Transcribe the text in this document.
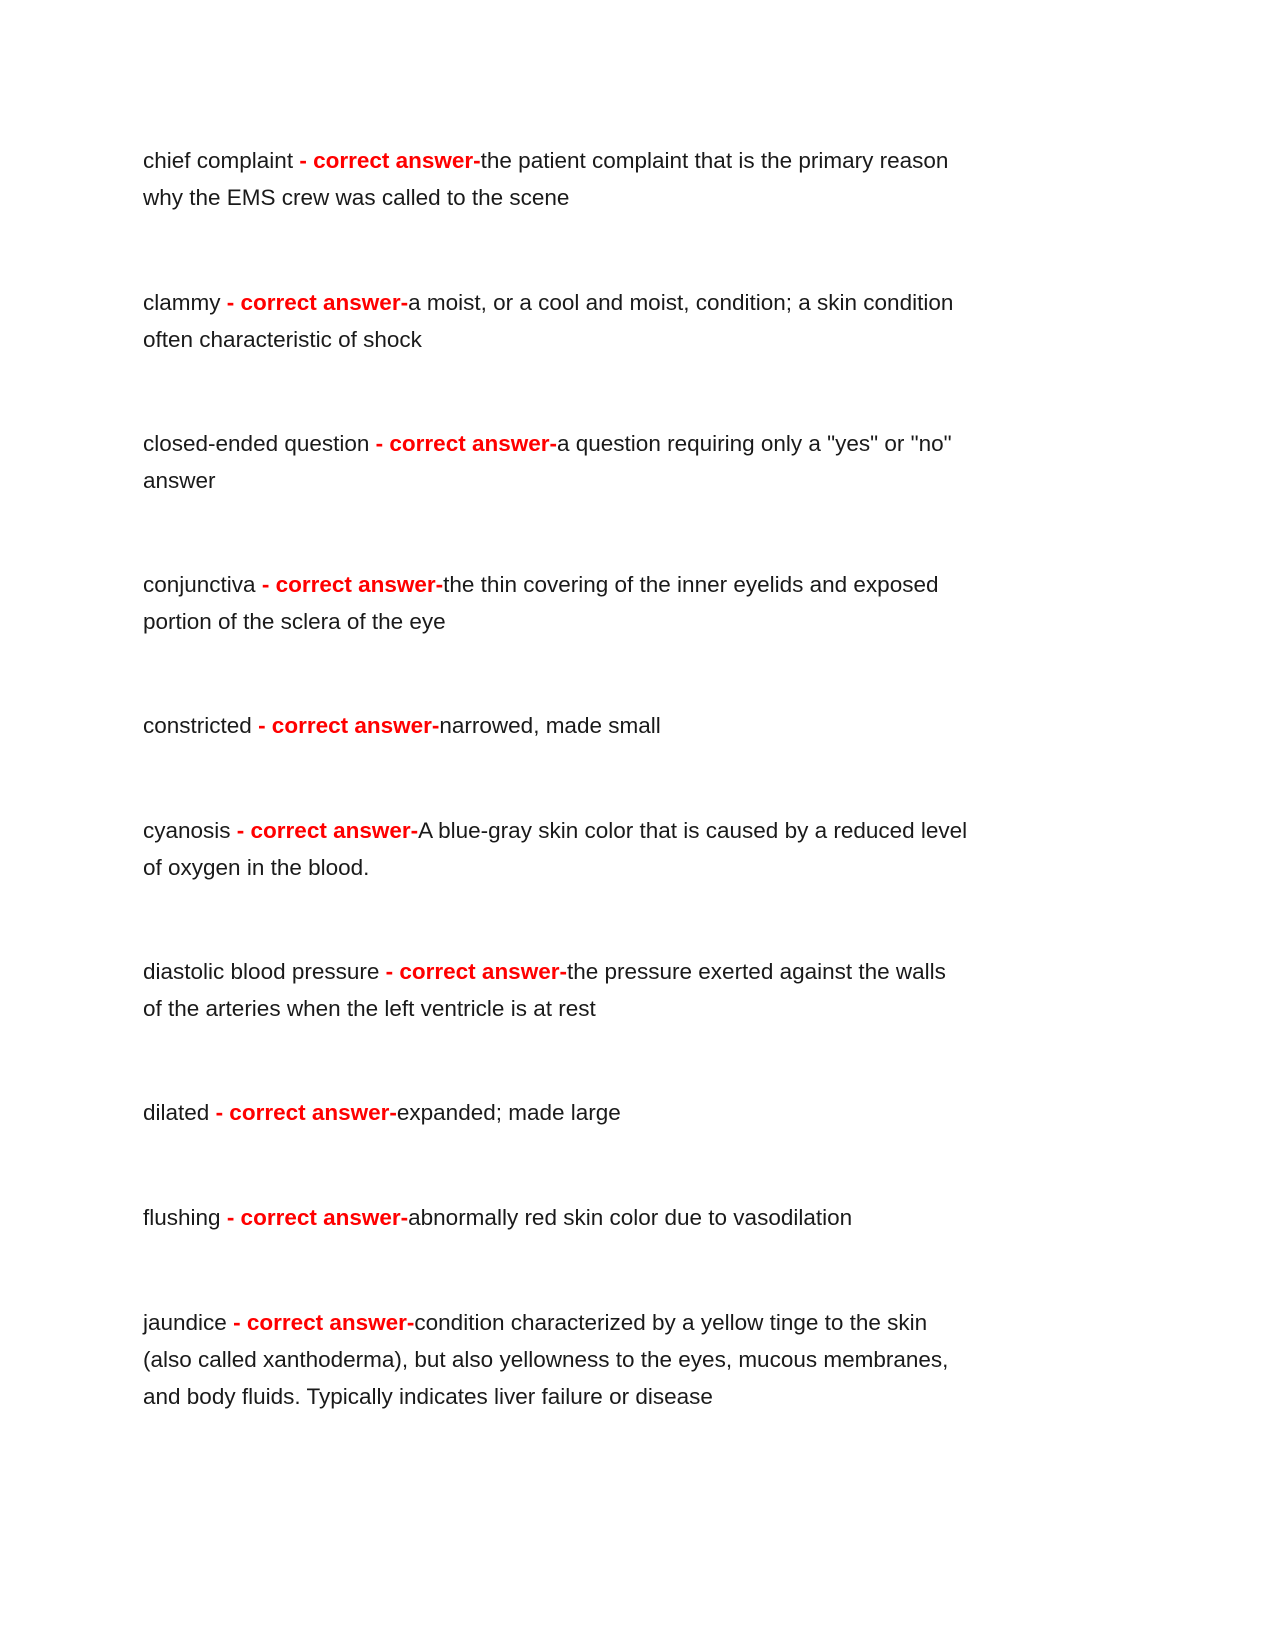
chief complaint - correct answer-the patient complaint that is the primary reason
why the EMS crew was called to the scene
clammy - correct answer-a moist, or a cool and moist, condition; a skin condition
often characteristic of shock
closed-ended question - correct answer-a question requiring only a "yes" or "no"
answer
conjunctiva - correct answer-the thin covering of the inner eyelids and exposed
portion of the sclera of the eye
constricted - correct answer-narrowed, made small
cyanosis - correct answer-A blue-gray skin color that is caused by a reduced level
of oxygen in the blood.
diastolic blood pressure - correct answer-the pressure exerted against the walls
of the arteries when the left ventricle is at rest
dilated - correct answer-expanded; made large
flushing - correct answer-abnormally red skin color due to vasodilation
jaundice - correct answer-condition characterized by a yellow tinge to the skin
(also called xanthoderma), but also yellowness to the eyes, mucous membranes,
and body fluids. Typically indicates liver failure or disease
